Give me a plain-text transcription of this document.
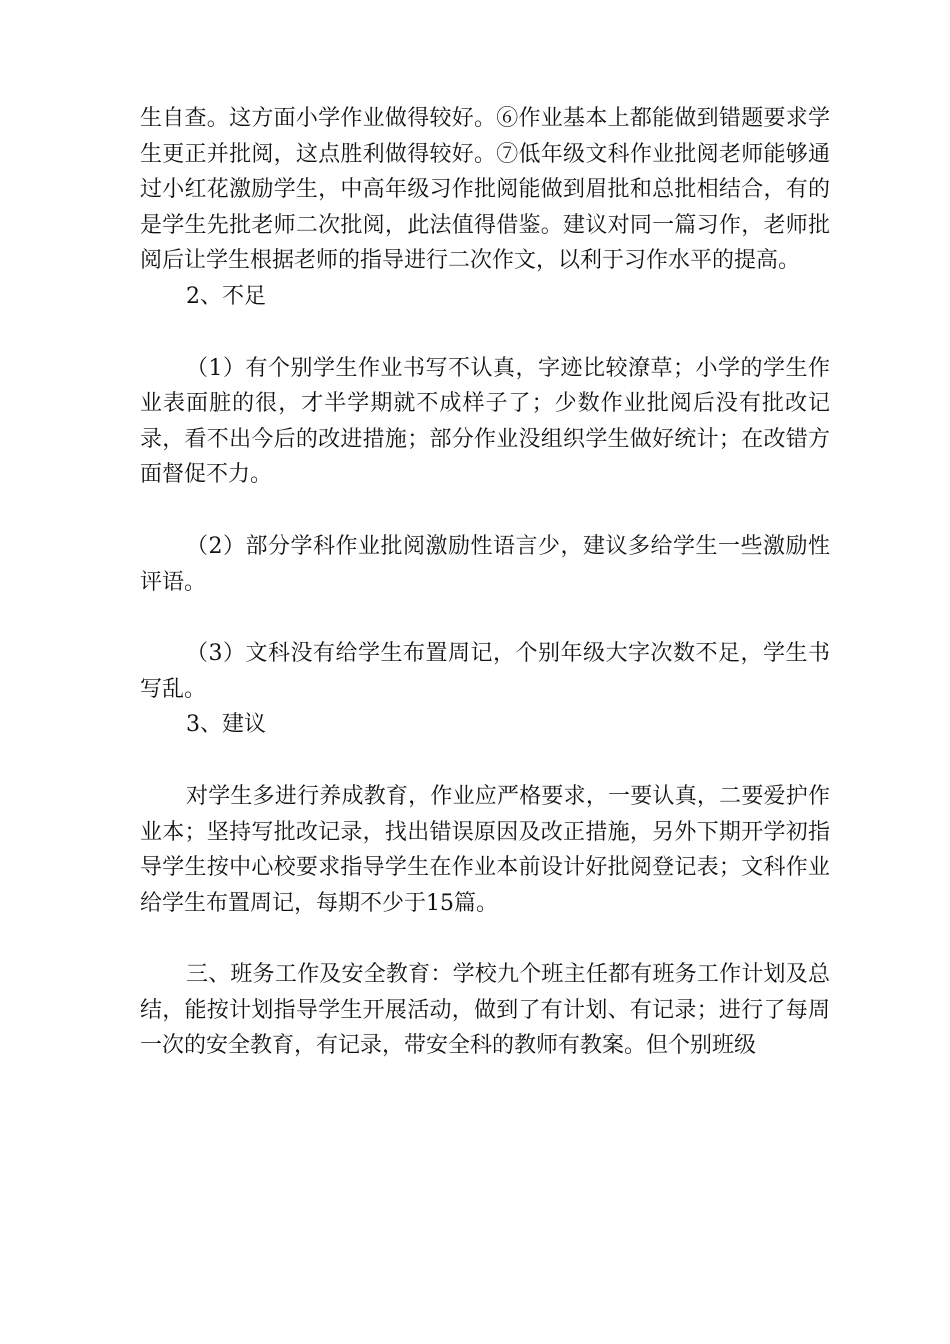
生自查。这方面小学作业做得较好。⑥作业基本上都能做到错题要求学生更正并批阅，这点胜利做得较好。⑦低年级文科作业批阅老师能够通过小红花激励学生，中高年级习作批阅能做到眉批和总批相结合，有的是学生先批老师二次批阅，此法值得借鉴。建议对同一篇习作，老师批阅后让学生根据老师的指导进行二次作文，以利于习作水平的提高。

2、不足

（1）有个别学生作业书写不认真，字迹比较潦草；小学的学生作业表面脏的很，才半学期就不成样子了；少数作业批阅后没有批改记录，看不出今后的改进措施；部分作业没组织学生做好统计；在改错方面督促不力。

（2）部分学科作业批阅激励性语言少，建议多给学生一些激励性评语。

（3）文科没有给学生布置周记，个别年级大字次数不足，学生书写乱。

3、建议

对学生多进行养成教育，作业应严格要求，一要认真，二要爱护作业本；坚持写批改记录，找出错误原因及改正措施，另外下期开学初指导学生按中心校要求指导学生在作业本前设计好批阅登记表；文科作业给学生布置周记，每期不少于15篇。

三、班务工作及安全教育：学校九个班主任都有班务工作计划及总结，能按计划指导学生开展活动，做到了有计划、有记录；进行了每周一次的安全教育，有记录，带安全科的教师有教案。但个别班级
